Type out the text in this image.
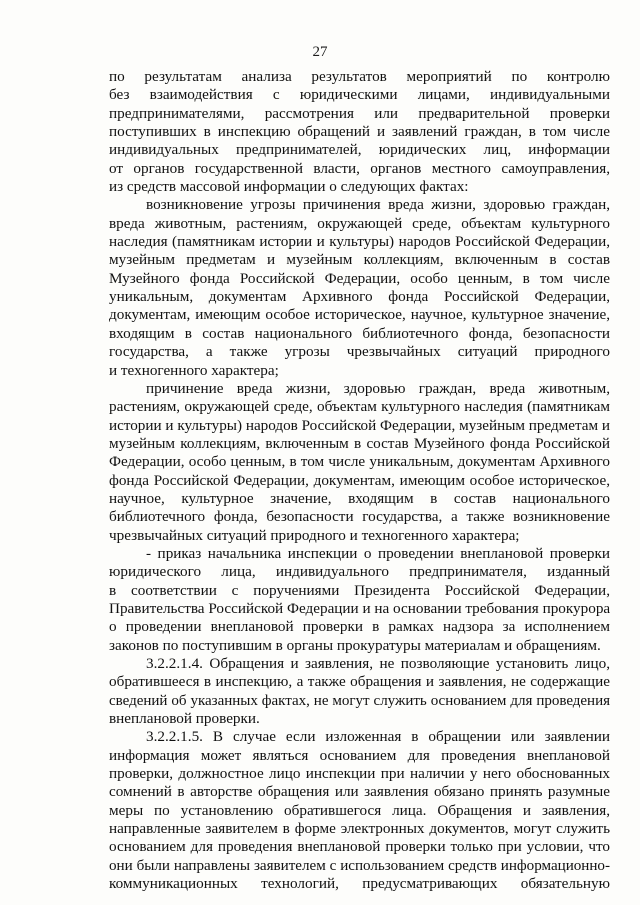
27
по результатам анализа результатов мероприятий по контролю
без взаимодействия с юридическими лицами, индивидуальными
предпринимателями, рассмотрения или предварительной проверки
поступивших в инспекцию обращений и заявлений граждан, в том числе
индивидуальных предпринимателей, юридических лиц, информации
от органов государственной власти, органов местного самоуправления,
из средств массовой информации о следующих фактах:
возникновение угрозы причинения вреда жизни, здоровью граждан,
вреда животным, растениям, окружающей среде, объектам культурного
наследия (памятникам истории и культуры) народов Российской Федерации,
музейным предметам и музейным коллекциям, включенным в состав
Музейного фонда Российской Федерации, особо ценным, в том числе
уникальным, документам Архивного фонда Российской Федерации,
документам, имеющим особое историческое, научное, культурное значение,
входящим в состав национального библиотечного фонда, безопасности
государства, а также угрозы чрезвычайных ситуаций природного
и техногенного характера;
причинение вреда жизни, здоровью граждан, вреда животным,
растениям, окружающей среде, объектам культурного наследия (памятникам
истории и культуры) народов Российской Федерации, музейным предметам и
музейным коллекциям, включенным в состав Музейного фонда Российской
Федерации, особо ценным, в том числе уникальным, документам Архивного
фонда Российской Федерации, документам, имеющим особое историческое,
научное, культурное значение, входящим в состав национального
библиотечного фонда, безопасности государства, а также возникновение
чрезвычайных ситуаций природного и техногенного характера;
- приказ начальника инспекции о проведении внеплановой проверки
юридического лица, индивидуального предпринимателя, изданный
в соответствии с поручениями Президента Российской Федерации,
Правительства Российской Федерации и на основании требования прокурора
о проведении внеплановой проверки в рамках надзора за исполнением
законов по поступившим в органы прокуратуры материалам и обращениям.
3.2.2.1.4. Обращения и заявления, не позволяющие установить лицо,
обратившееся в инспекцию, а также обращения и заявления, не содержащие
сведений об указанных фактах, не могут служить основанием для проведения
внеплановой проверки.
3.2.2.1.5. В случае если изложенная в обращении или заявлении
информация может являться основанием для проведения внеплановой
проверки, должностное лицо инспекции при наличии у него обоснованных
сомнений в авторстве обращения или заявления обязано принять разумные
меры по установлению обратившегося лица. Обращения и заявления,
направленные заявителем в форме электронных документов, могут служить
основанием для проведения внеплановой проверки только при условии, что
они были направлены заявителем с использованием средств информационно-
коммуникационных технологий, предусматривающих обязательную
